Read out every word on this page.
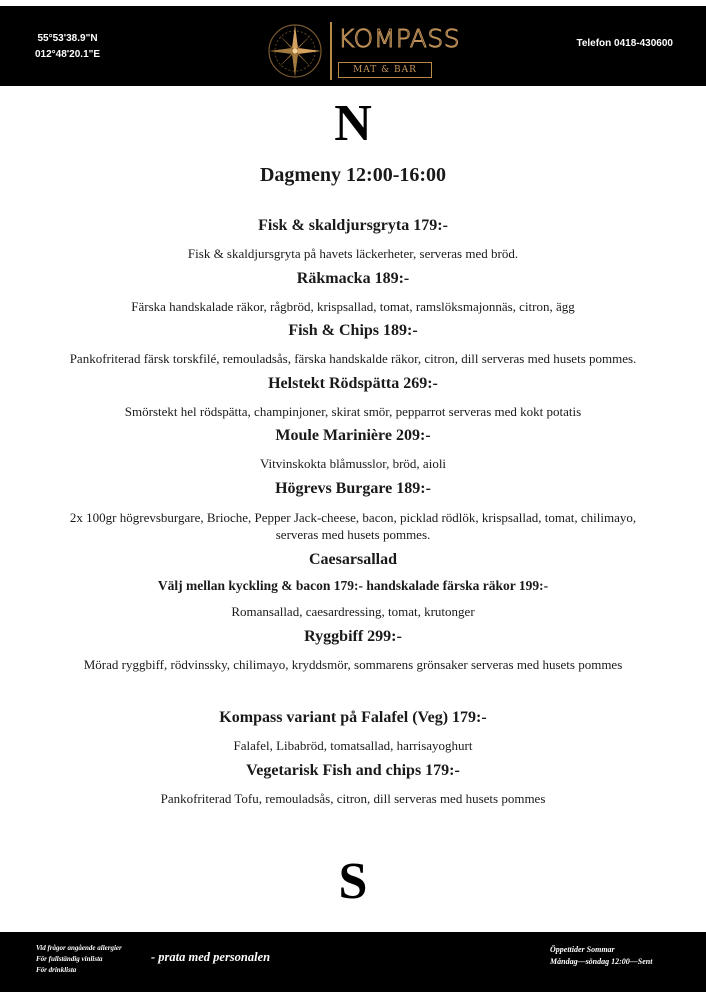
55°53'38.9"N
012°48'20.1"E
KOMPASS
MAT & BAR
Telefon 0418-430600
N
Dagmeny 12:00-16:00
Fisk & skaldjursgryta 179:-
Fisk & skaldjursgryta på havets läckerheter, serveras med bröd.
Räkmacka 189:-
Färska handskalade räkor, rågbröd, krispsallad, tomat, ramslöksmajonnäs, citron, ägg
Fish & Chips 189:-
Pankofriterad färsk torskfilé, remouladsås, färska handskalde räkor, citron, dill serveras med husets pommes.
Helstekt Rödspätta 269:-
Smörstekt hel rödspätta, champinjoner, skirat smör, pepparrot serveras med kokt potatis
Moule Marinière 209:-
Vitvinskokta blåmusslor, bröd, aioli
Högrevs Burgare 189:-
2x 100gr högrevsburgare, Brioche, Pepper Jack-cheese, bacon, picklad rödlök, krispsallad, tomat, chilimayo, serveras med husets pommes.
Caesarsallad
Välj mellan kyckling & bacon 179:- handskalade färska räkor 199:-
Romansallad, caesardressing, tomat, krutonger
Ryggbiff 299:-
Mörad ryggbiff, rödvinssky, chilimayo, kryddsmör, sommarens grönsaker serveras med husets pommes
Kompass variant på Falafel (Veg) 179:-
Falafel, Libabröd, tomatsallad, harrisayoghurt
Vegetarisk Fish and chips 179:-
Pankofriterad Tofu, remouladsås, citron, dill serveras med husets pommes
S
Vid frågor angående allergier
För fullständig vinlista
För drinklista
- prata med personalen
Öppettider Sommar
Måndag—söndag 12:00—Sent
